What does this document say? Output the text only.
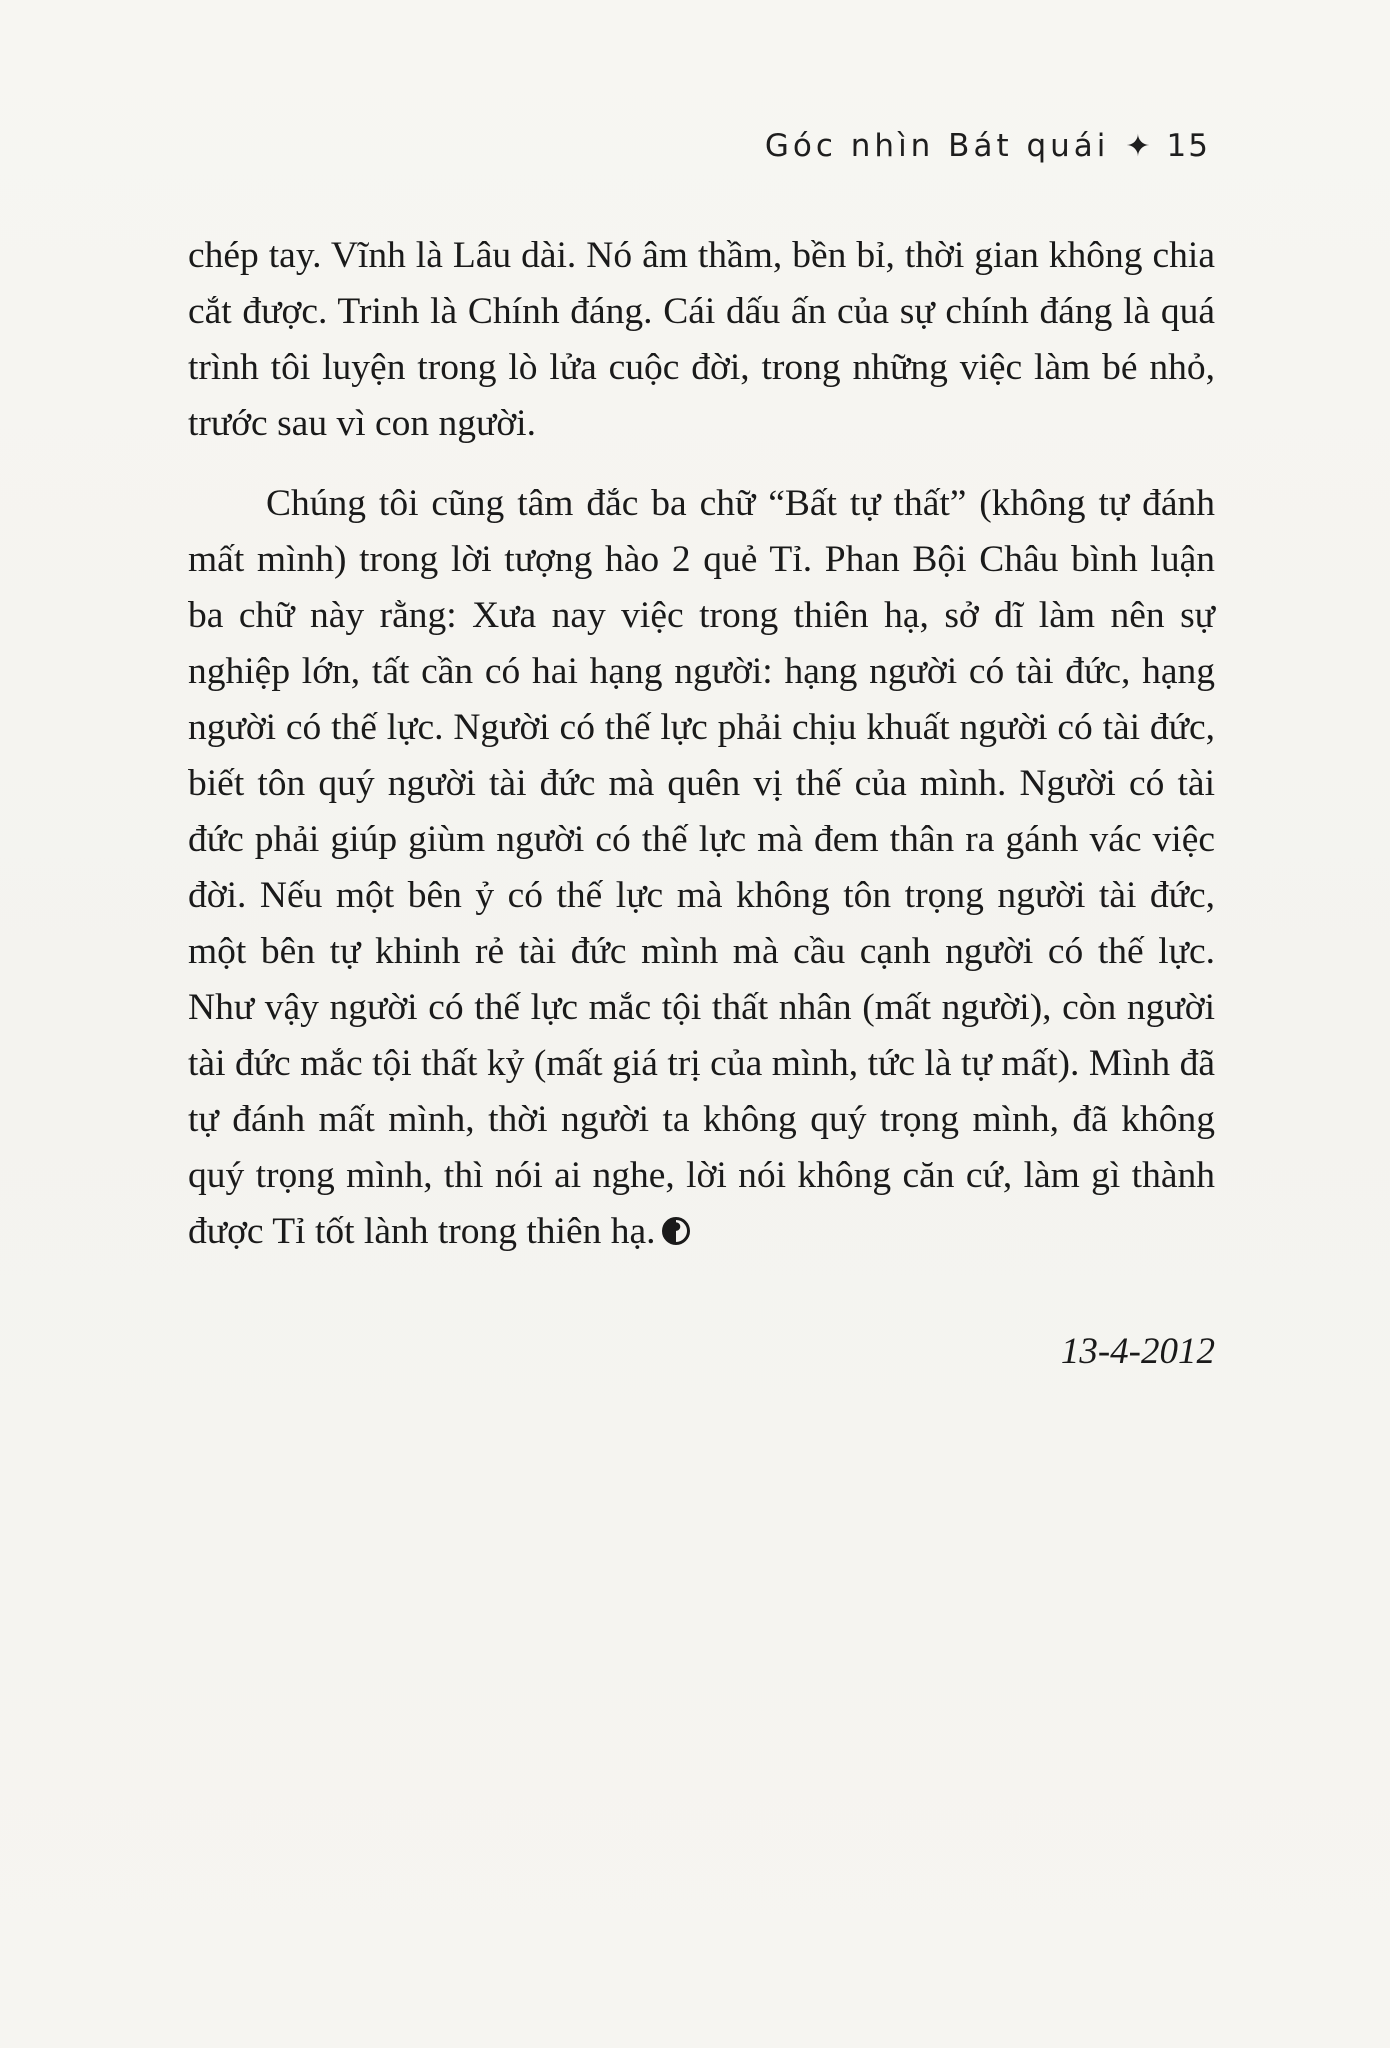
Góc nhìn Bát quái ✦ 15

chép tay. Vĩnh là Lâu dài. Nó âm thầm, bền bỉ, thời gian không chia cắt được. Trinh là Chính đáng. Cái dấu ấn của sự chính đáng là quá trình tôi luyện trong lò lửa cuộc đời, trong những việc làm bé nhỏ, trước sau vì con người.

Chúng tôi cũng tâm đắc ba chữ “Bất tự thất” (không tự đánh mất mình) trong lời tượng hào 2 quẻ Tỉ. Phan Bội Châu bình luận ba chữ này rằng: Xưa nay việc trong thiên hạ, sở dĩ làm nên sự nghiệp lớn, tất cần có hai hạng người: hạng người có tài đức, hạng người có thế lực. Người có thế lực phải chịu khuất người có tài đức, biết tôn quý người tài đức mà quên vị thế của mình. Người có tài đức phải giúp giùm người có thế lực mà đem thân ra gánh vác việc đời. Nếu một bên ỷ có thế lực mà không tôn trọng người tài đức, một bên tự khinh rẻ tài đức mình mà cầu cạnh người có thế lực. Như vậy người có thế lực mắc tội thất nhân (mất người), còn người tài đức mắc tội thất kỷ (mất giá trị của mình, tức là tự mất). Mình đã tự đánh mất mình, thời người ta không quý trọng mình, đã không quý trọng mình, thì nói ai nghe, lời nói không căn cứ, làm gì thành được Tỉ tốt lành trong thiên hạ.

13-4-2012
